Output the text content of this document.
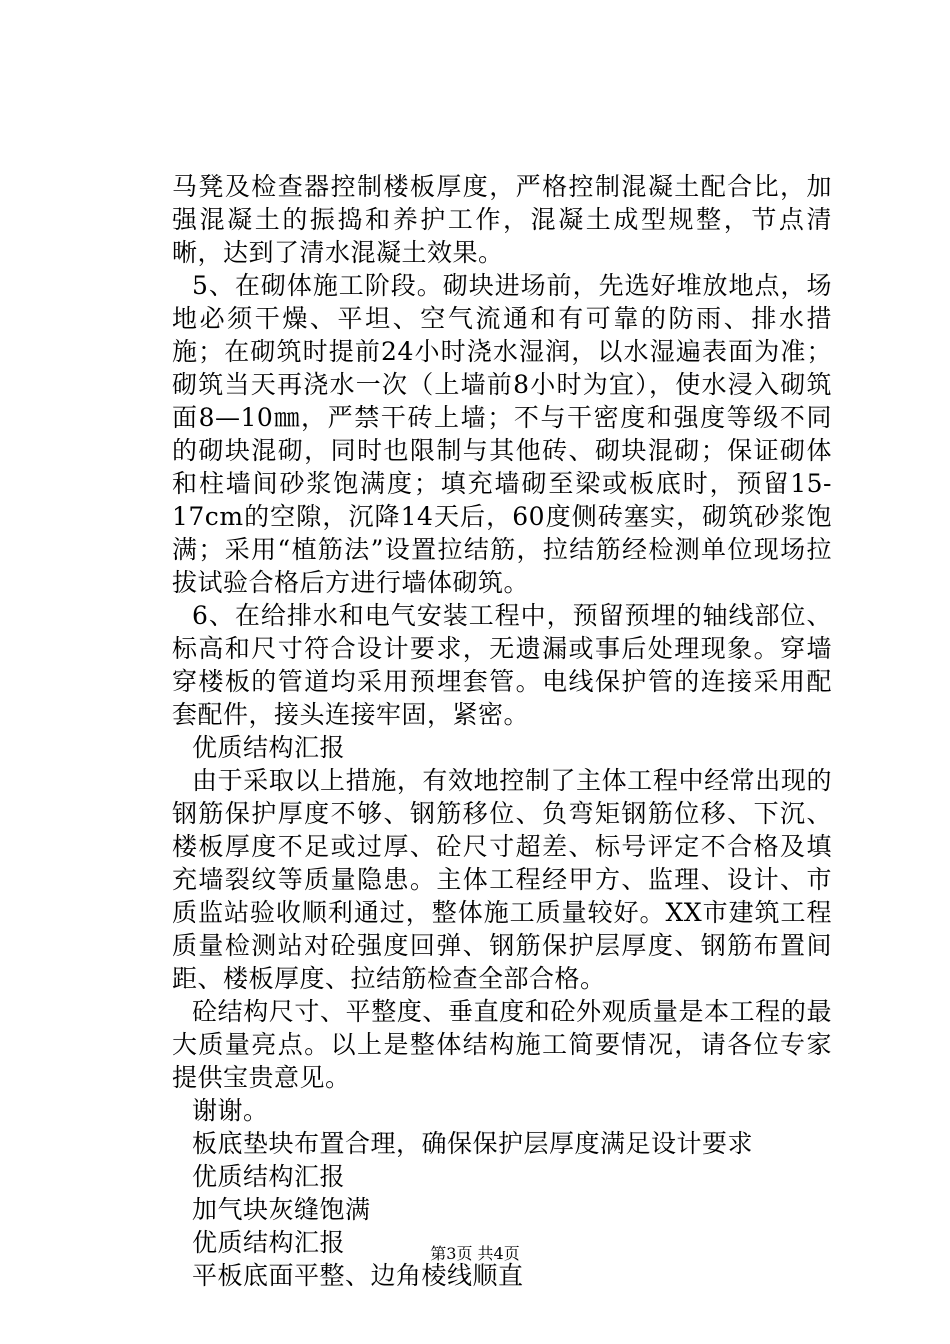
马凳及检查器控制楼板厚度，严格控制混凝土配合比，加强混凝土的振捣和养护工作，混凝土成型规整，节点清晰，达到了清水混凝土效果。

5、在砌体施工阶段。砌块进场前，先选好堆放地点，场地必须干燥、平坦、空气流通和有可靠的防雨、排水措施；在砌筑时提前24小时浇水湿润，以水湿遍表面为准；砌筑当天再浇水一次（上墙前8小时为宜），使水浸入砌筑面8—10㎜，严禁干砖上墙；不与干密度和强度等级不同的砌块混砌，同时也限制与其他砖、砌块混砌；保证砌体和柱墙间砂浆饱满度；填充墙砌至梁或板底时，预留15-17cm的空隙，沉降14天后，60度侧砖塞实，砌筑砂浆饱满；采用“植筋法”设置拉结筋，拉结筋经检测单位现场拉拔试验合格后方进行墙体砌筑。

6、在给排水和电气安装工程中，预留预埋的轴线部位、标高和尺寸符合设计要求，无遗漏或事后处理现象。穿墙穿楼板的管道均采用预埋套管。电线保护管的连接采用配套配件，接头连接牢固，紧密。

优质结构汇报

由于采取以上措施，有效地控制了主体工程中经常出现的钢筋保护厚度不够、钢筋移位、负弯矩钢筋位移、下沉、楼板厚度不足或过厚、砼尺寸超差、标号评定不合格及填充墙裂纹等质量隐患。主体工程经甲方、监理、设计、市质监站验收顺利通过，整体施工质量较好。XX市建筑工程质量检测站对砼强度回弹、钢筋保护层厚度、钢筋布置间距、楼板厚度、拉结筋检查全部合格。

砼结构尺寸、平整度、垂直度和砼外观质量是本工程的最大质量亮点。以上是整体结构施工简要情况，请各位专家提供宝贵意见。

谢谢。

板底垫块布置合理，确保保护层厚度满足设计要求

优质结构汇报

加气块灰缝饱满

优质结构汇报

平板底面平整、边角棱线顺直

第3页 共4页
